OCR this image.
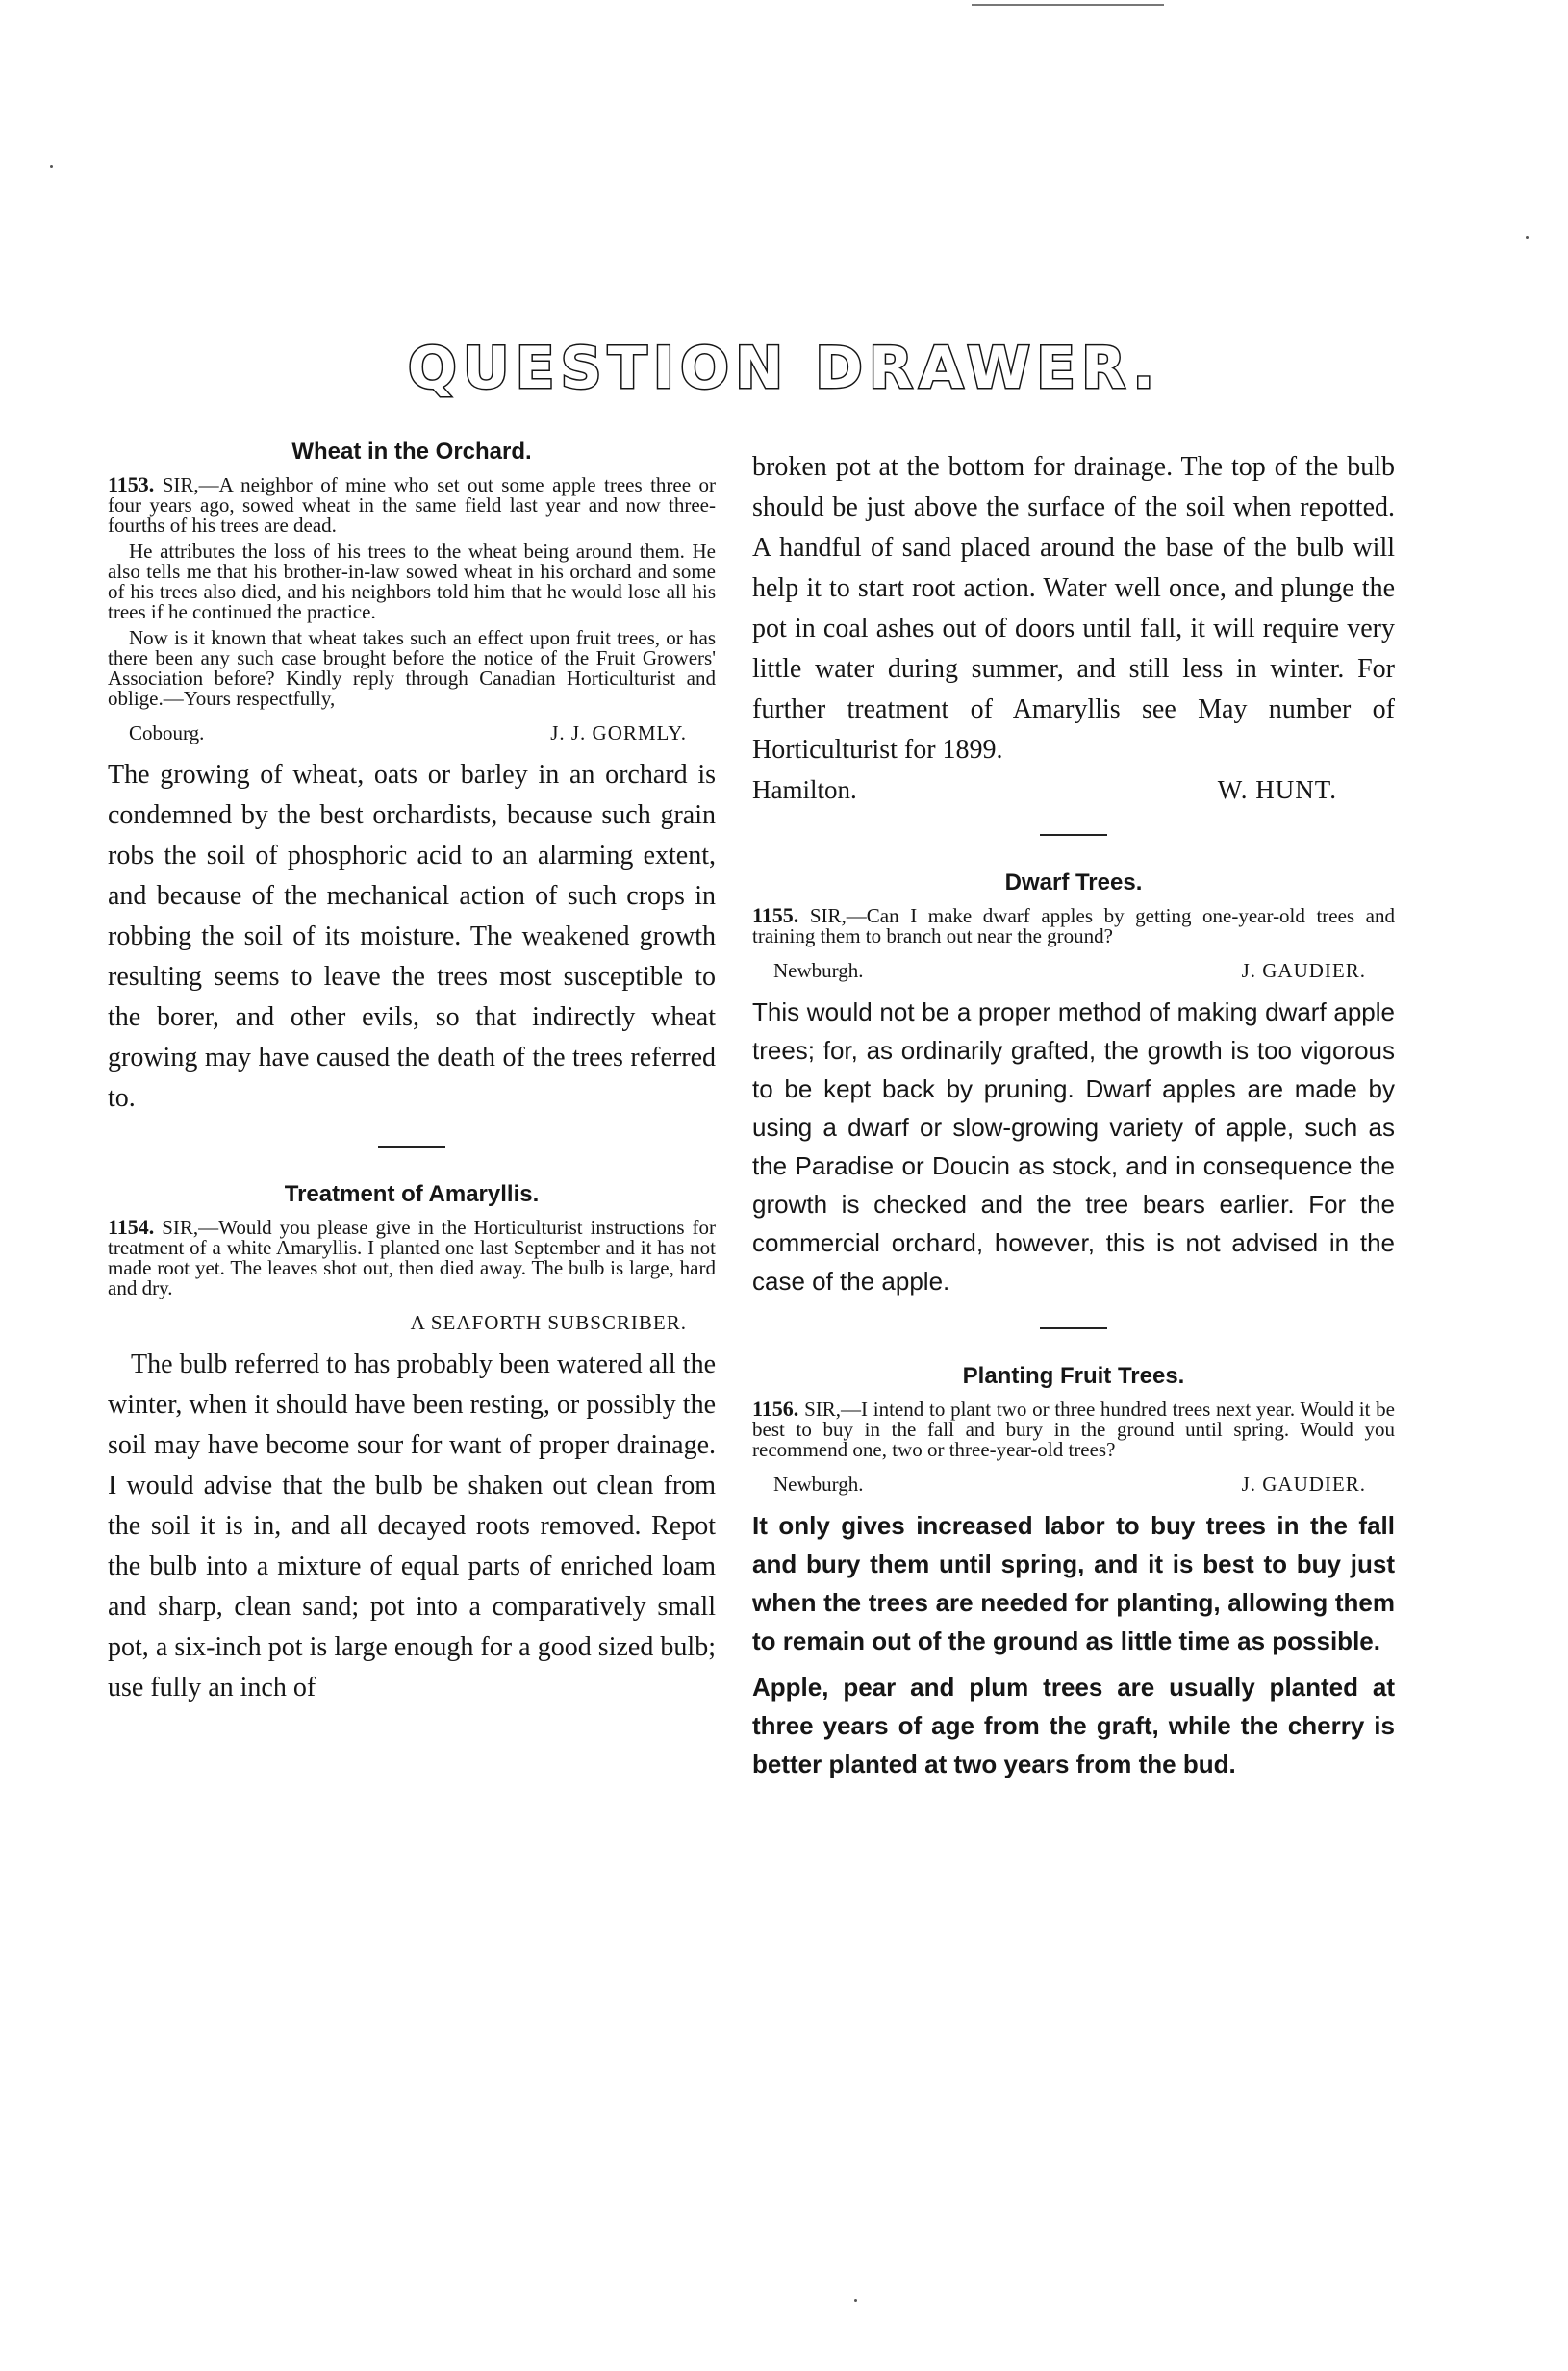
QUESTION DRAWER.
Wheat in the Orchard.

1153. SIR,—A neighbor of mine who set out some apple trees three or four years ago, sowed wheat in the same field last year and now three-fourths of his trees are dead.

He attributes the loss of his trees to the wheat being around them. He also tells me that his brother-in-law sowed wheat in his orchard and some of his trees also died, and his neighbors told him that he would lose all his trees if he continued the practice.

Now is it known that wheat takes such an effect upon fruit trees, or has there been any such case brought before the notice of the Fruit Growers' Association before? Kindly reply through Canadian Horticulturist and oblige.—Yours respectfully,

Cobourg.	J. J. GORMLY.

The growing of wheat, oats or barley in an orchard is condemned by the best orchardists, because such grain robs the soil of phosphoric acid to an alarming extent, and because of the mechanical action of such crops in robbing the soil of its moisture. The weakened growth resulting seems to leave the trees most susceptible to the borer, and other evils, so that indirectly wheat growing may have caused the death of the trees referred to.

Treatment of Amaryllis.

1154. SIR,—Would you please give in the Horticulturist instructions for treatment of a white Amaryllis. I planted one last September and it has not made root yet. The leaves shot out, then died away. The bulb is large, hard and dry.

A SEAFORTH SUBSCRIBER.

The bulb referred to has probably been watered all the winter, when it should have been resting, or possibly the soil may have become sour for want of proper drainage. I would advise that the bulb be shaken out clean from the soil it is in, and all decayed roots removed. Repot the bulb into a mixture of equal parts of enriched loam and sharp, clean sand; pot into a comparatively small pot, a six-inch pot is large enough for a good sized bulb; use fully an inch of

broken pot at the bottom for drainage. The top of the bulb should be just above the surface of the soil when repotted. A handful of sand placed around the base of the bulb will help it to start root action. Water well once, and plunge the pot in coal ashes out of doors until fall, it will require very little water during summer, and still less in winter. For further treatment of Amaryllis see May number of Horticulturist for 1899.

Hamilton.	W. HUNT.
Dwarf Trees.

1155. SIR,—Can I make dwarf apples by getting one-year-old trees and training them to branch out near the ground?

Newburgh.	J. GAUDIER.

This would not be a proper method of making dwarf apple trees; for, as ordinarily grafted, the growth is too vigorous to be kept back by pruning. Dwarf apples are made by using a dwarf or slow-growing variety of apple, such as the Paradise or Doucin as stock, and in consequence the growth is checked and the tree bears earlier. For the commercial orchard, however, this is not advised in the case of the apple.

Planting Fruit Trees.

1156. SIR,—I intend to plant two or three hundred trees next year. Would it be best to buy in the fall and bury in the ground until spring. Would you recommend one, two or three-year-old trees?

Newburgh.	J. GAUDIER.

It only gives increased labor to buy trees in the fall and bury them until spring, and it is best to buy just when the trees are needed for planting, allowing them to remain out of the ground as little time as possible.

Apple, pear and plum trees are usually planted at three years of age from the graft, while the cherry is better planted at two years from the bud.
